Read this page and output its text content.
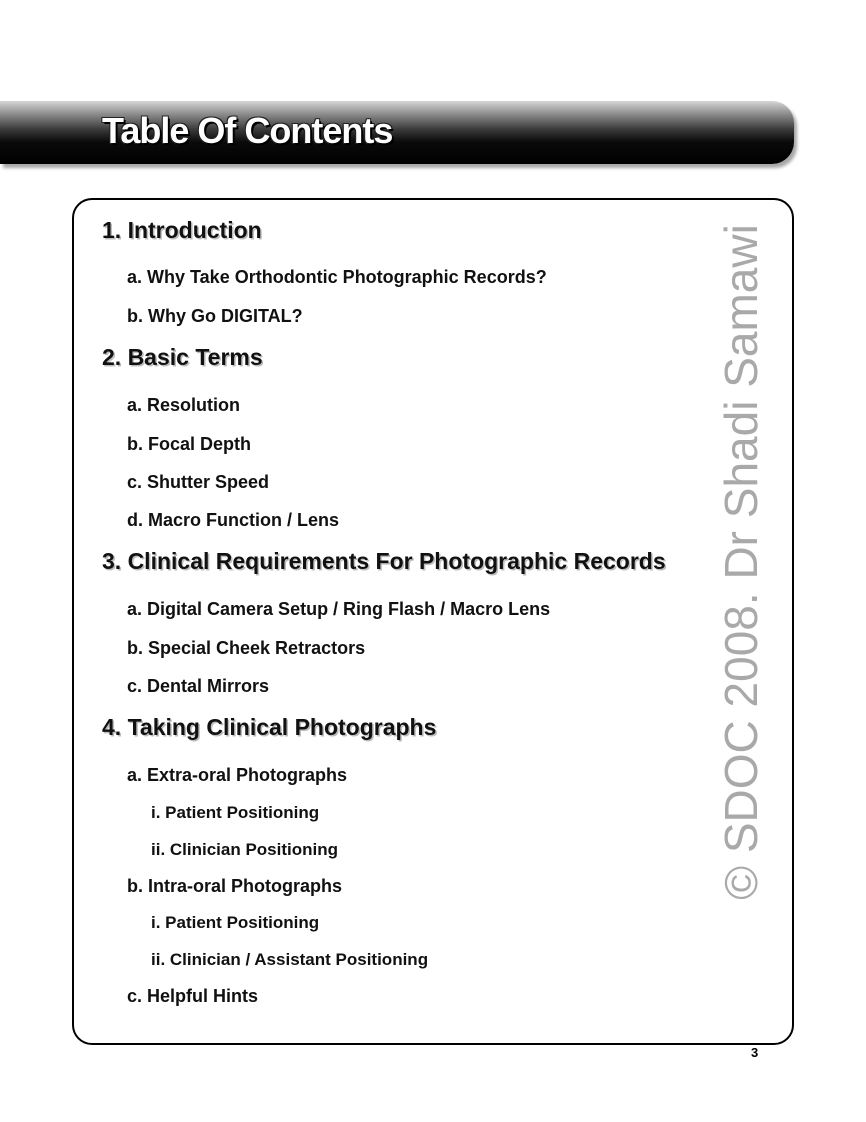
Table Of Contents
1. Introduction
a. Why Take Orthodontic Photographic Records?
b. Why Go DIGITAL?
2. Basic Terms
a. Resolution
b. Focal Depth
c. Shutter Speed
d. Macro Function / Lens
3. Clinical Requirements For Photographic Records
a. Digital Camera Setup / Ring Flash / Macro Lens
b. Special Cheek Retractors
c. Dental Mirrors
4. Taking Clinical Photographs
a. Extra-oral Photographs
i. Patient Positioning
ii. Clinician Positioning
b. Intra-oral Photographs
i. Patient Positioning
ii. Clinician / Assistant Positioning
c. Helpful Hints

© SDOC 2008. Dr Shadi Samawi

3
